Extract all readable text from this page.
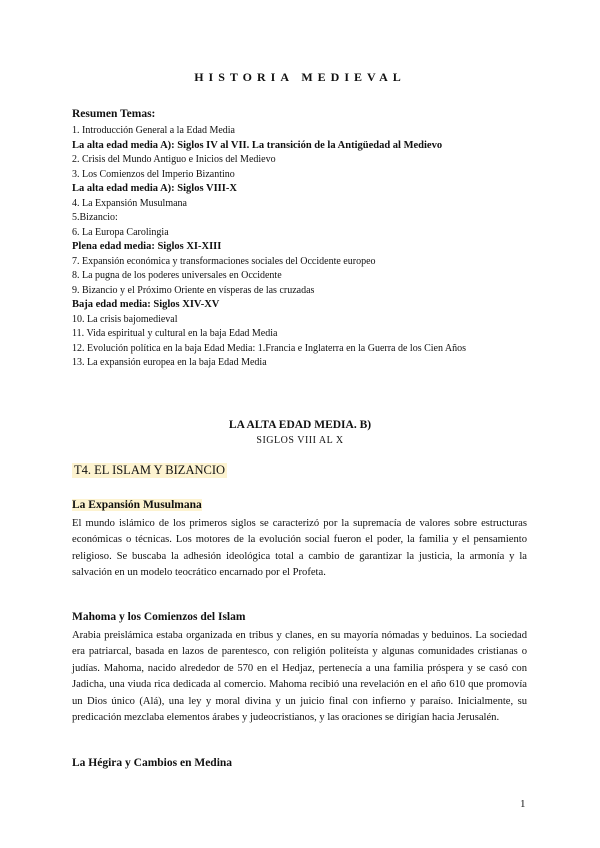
HISTORIA MEDIEVAL
Resumen Temas:
1. Introducción General a la Edad Media
La alta edad media A): Siglos IV al VII. La transición de la Antigüedad al Medievo
2. Crisis del Mundo Antiguo e Inicios del Medievo
3. Los Comienzos del Imperio Bizantino
La alta edad media A): Siglos VIII-X
4. La Expansión Musulmana
5.Bizancio:
6. La Europa Carolingia
Plena edad media: Siglos XI-XIII
7. Expansión económica y transformaciones sociales del Occidente europeo
8. La pugna de los poderes universales en Occidente
9. Bizancio y el Próximo Oriente en vísperas de las cruzadas
Baja edad media: Siglos XIV-XV
10. La crisis bajomedieval
11. Vida espiritual y cultural en la baja Edad Media
12. Evolución política en la baja Edad Media: 1.Francia e Inglaterra en la Guerra de los Cien Años
13. La expansión europea en la baja Edad Media
LA ALTA EDAD MEDIA. B)
SIGLOS VIII AL X
T4. EL ISLAM Y BIZANCIO
La Expansión Musulmana
El mundo islámico de los primeros siglos se caracterizó por la supremacía de valores sobre estructuras económicas o técnicas. Los motores de la evolución social fueron el poder, la familia y el pensamiento religioso. Se buscaba la adhesión ideológica total a cambio de garantizar la justicia, la armonía y la salvación en un modelo teocrático encarnado por el Profeta.
Mahoma y los Comienzos del Islam
Arabia preislámica estaba organizada en tribus y clanes, en su mayoría nómadas y beduinos. La sociedad era patriarcal, basada en lazos de parentesco, con religión politeísta y algunas comunidades cristianas o judías. Mahoma, nacido alrededor de 570 en el Hedjaz, pertenecía a una familia próspera y se casó con Jadicha, una viuda rica dedicada al comercio. Mahoma recibió una revelación en el año 610 que promovía un Dios único (Alá), una ley y moral divina y un juicio final con infierno y paraíso. Inicialmente, su predicación mezclaba elementos árabes y judeocristianos, y las oraciones se dirigían hacia Jerusalén.
La Hégira y Cambios en Medina
1
